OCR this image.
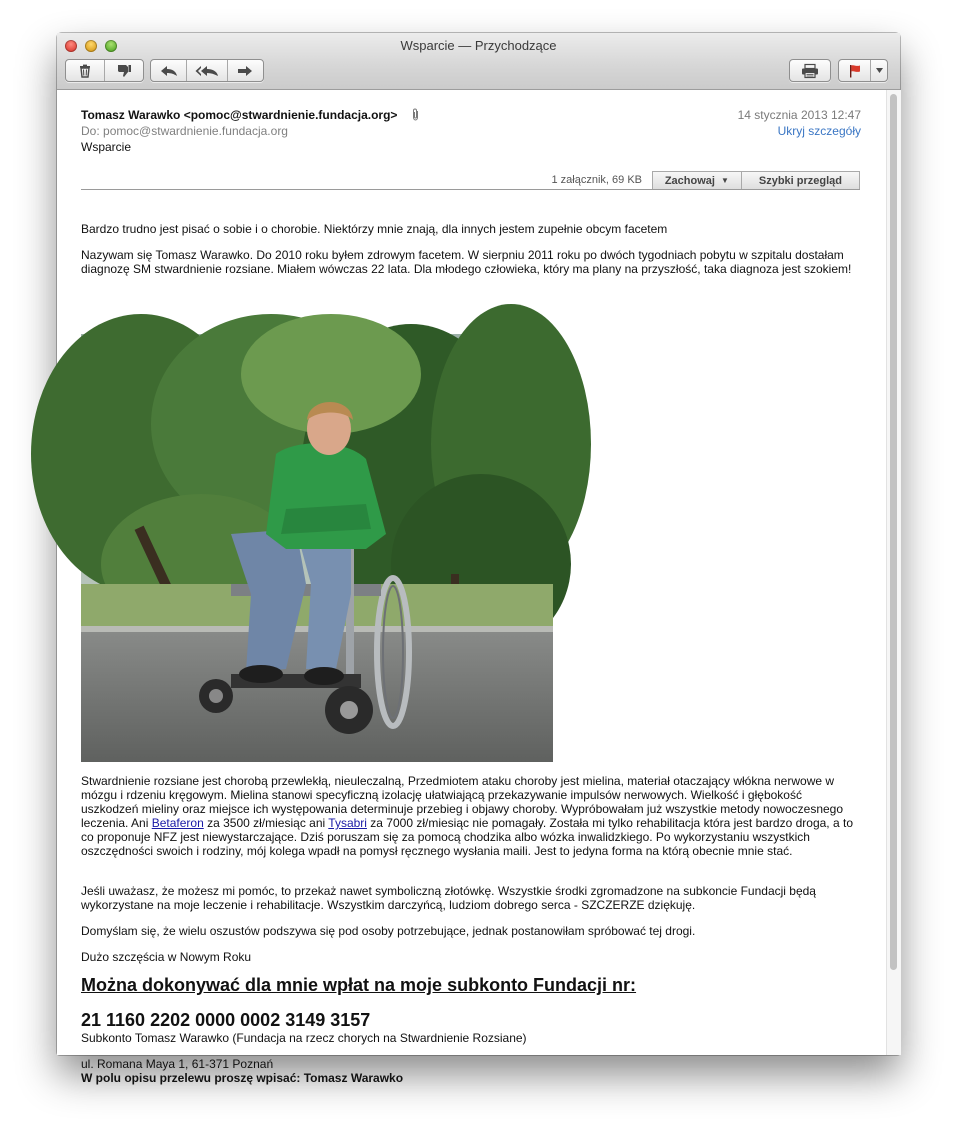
Wsparcie — Przychodzące
Tomasz Warawko <pomoc@stwardnienie.fundacja.org>	14 stycznia 2013 12:47
Do: pomoc@stwardnienie.fundacja.org	Ukryj szczegóły
Wsparcie
1 załącznik, 69 KB Zachowaj ▼	Szybki przegląd

Bardzo trudno jest pisać o sobie i o chorobie. Niektórzy mnie znają, dla innych jestem zupełnie obcym facetem

Nazywam się Tomasz Warawko. Do 2010 roku byłem zdrowym facetem. W sierpniu 2011 roku po dwóch tygodniach pobytu w szpitalu dostałam diagnozę SM stwardnienie rozsiane. Miałem wówczas 22 lata. Dla młodego człowieka, który ma plany na przyszłość, taka diagnoza jest szokiem!

Stwardnienie rozsiane jest chorobą przewlekłą, nieuleczalną, Przedmiotem ataku choroby jest mielina, materiał otaczający włókna nerwowe w mózgu i rdzeniu kręgowym. Mielina stanowi specyficzną izolację ułatwiającą przekazywanie impulsów nerwowych. Wielkość i głębokość uszkodzeń mieliny oraz miejsce ich występowania determinuje przebieg i objawy choroby. Wypróbowałam już wszystkie metody nowoczesnego leczenia. Ani Betaferon za 3500 zł/miesiąc ani Tysabri za 7000 zł/miesiąc nie pomagały. Została mi tylko rehabilitacja która jest bardzo droga, a to co proponuje NFZ jest niewystarczające. Dziś poruszam się za pomocą chodzika albo wózka inwalidzkiego. Po wykorzystaniu wszystkich oszczędności swoich i rodziny, mój kolega wpadł na pomysł ręcznego wysłania maili. Jest to jedyna forma na którą obecnie mnie stać.

Jeśli uważasz, że możesz mi pomóc, to przekaż nawet symboliczną złotówkę. Wszystkie środki zgromadzone na subkoncie Fundacji będą wykorzystane na moje leczenie i rehabilitacje. Wszystkim darczyńcą, ludziom dobrego serca - SZCZERZE dziękuję.

Domyślam się, że wielu oszustów podszywa się pod osoby potrzebujące, jednak postanowiłam spróbować tej drogi.

Dużo szczęścia w Nowym Roku

Można dokonywać dla mnie wpłat na moje subkonto Fundacji nr:

21 1160 2202 0000 0002 3149 3157

Subkonto Tomasz Warawko (Fundacja na rzecz chorych na Stwardnienie Rozsiane)

ul. Romana Maya 1, 61-371 Poznań

W polu opisu przelewu proszę wpisać: Tomasz Warawko
